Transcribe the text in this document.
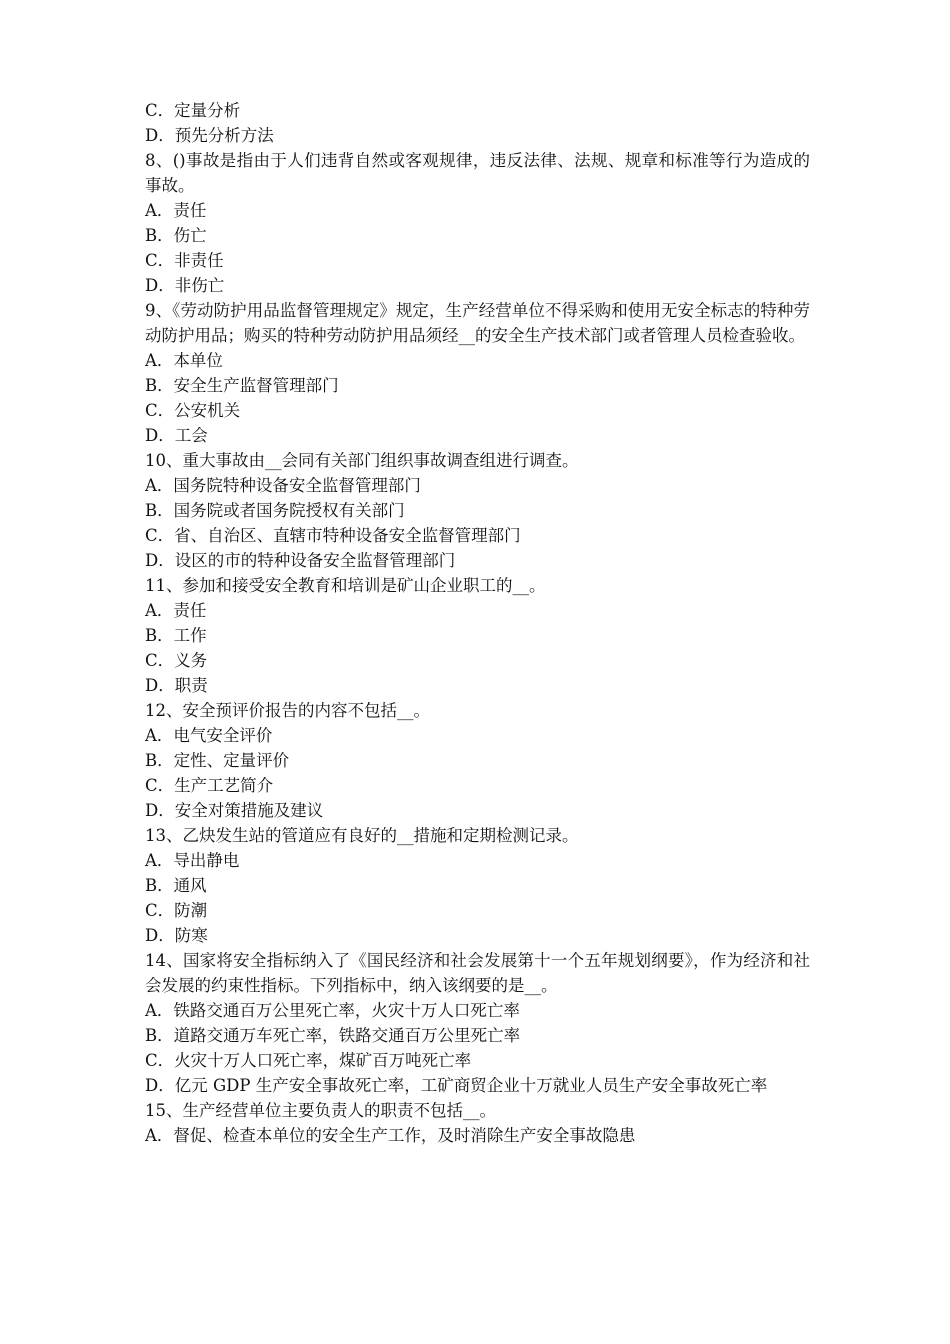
C．定量分析

D．预先分析方法

8、()事故是指由于人们违背自然或客观规律，违反法律、法规、规章和标准等行为造成的事故。

A．责任

B．伤亡

C．非责任

D．非伤亡

9、《劳动防护用品监督管理规定》规定，生产经营单位不得采购和使用无安全标志的特种劳动防护用品；购买的特种劳动防护用品须经__的安全生产技术部门或者管理人员检查验收。

A．本单位

B．安全生产监督管理部门

C．公安机关

D．工会

10、重大事故由__会同有关部门组织事故调查组进行调查。

A．国务院特种设备安全监督管理部门

B．国务院或者国务院授权有关部门

C．省、自治区、直辖市特种设备安全监督管理部门

D．设区的市的特种设备安全监督管理部门

11、参加和接受安全教育和培训是矿山企业职工的__。

A．责任

B．工作

C．义务

D．职责

12、安全预评价报告的内容不包括__。

A．电气安全评价

B．定性、定量评价

C．生产工艺简介

D．安全对策措施及建议

13、乙炔发生站的管道应有良好的__措施和定期检测记录。

A．导出静电

B．通风

C．防潮

D．防寒

14、国家将安全指标纳入了《国民经济和社会发展第十一个五年规划纲要》，作为经济和社会发展的约束性指标。下列指标中，纳入该纲要的是__。

A．铁路交通百万公里死亡率，火灾十万人口死亡率

B．道路交通万车死亡率，铁路交通百万公里死亡率

C．火灾十万人口死亡率，煤矿百万吨死亡率

D．亿元 GDP 生产安全事故死亡率，工矿商贸企业十万就业人员生产安全事故死亡率

15、生产经营单位主要负责人的职责不包括__。

A．督促、检查本单位的安全生产工作，及时消除生产安全事故隐患
